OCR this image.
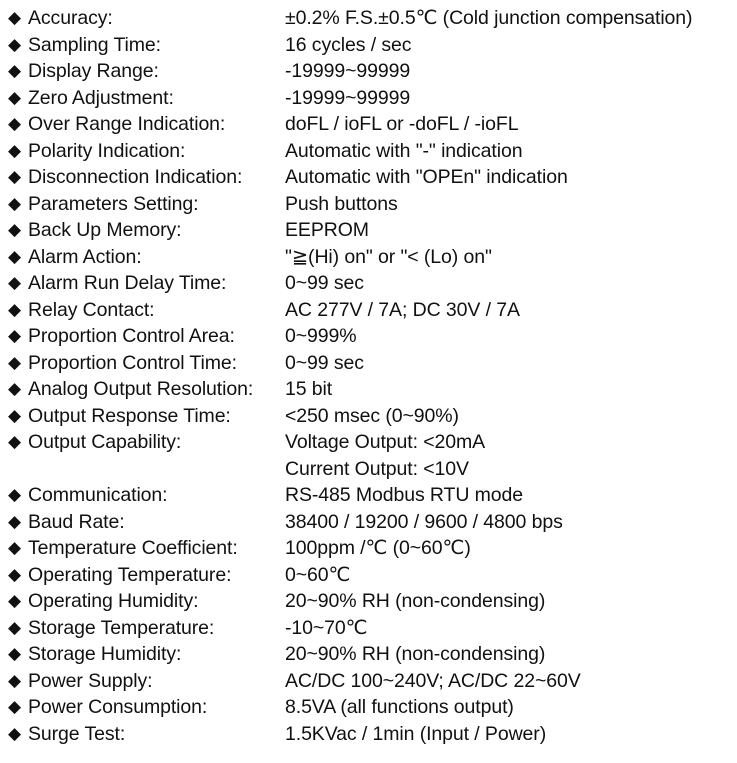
◆ Accuracy:	±0.2% F.S.±0.5℃ (Cold junction compensation)
◆ Sampling Time:	16 cycles / sec
◆ Display Range:	-19999~99999
◆ Zero Adjustment:	-19999~99999
◆ Over Range Indication:	doFL / ioFL or -doFL / -ioFL
◆ Polarity Indication:	Automatic with "-" indication
◆ Disconnection Indication:	Automatic with "OPEn" indication
◆ Parameters Setting:	Push buttons
◆ Back Up Memory:	EEPROM
◆ Alarm Action:	"≧(Hi) on" or "< (Lo) on"
◆ Alarm Run Delay Time:	0~99 sec
◆ Relay Contact:	AC 277V / 7A; DC 30V / 7A
◆ Proportion Control Area:	0~999%
◆ Proportion Control Time:	0~99 sec
◆ Analog Output Resolution:	15 bit
◆ Output Response Time:	<250 msec (0~90%)
◆ Output Capability:	Voltage Output: <20mA
Current Output: <10V
◆ Communication:	RS-485 Modbus RTU mode
◆ Baud Rate:	38400 / 19200 / 9600 / 4800 bps
◆ Temperature Coefficient:	100ppm /℃ (0~60℃)
◆ Operating Temperature:	0~60℃
◆ Operating Humidity:	20~90% RH (non-condensing)
◆ Storage Temperature:	-10~70℃
◆ Storage Humidity:	20~90% RH (non-condensing)
◆ Power Supply:	AC/DC 100~240V; AC/DC 22~60V
◆ Power Consumption:	8.5VA (all functions output)
◆ Surge Test:	1.5KVac / 1min (Input / Power)
